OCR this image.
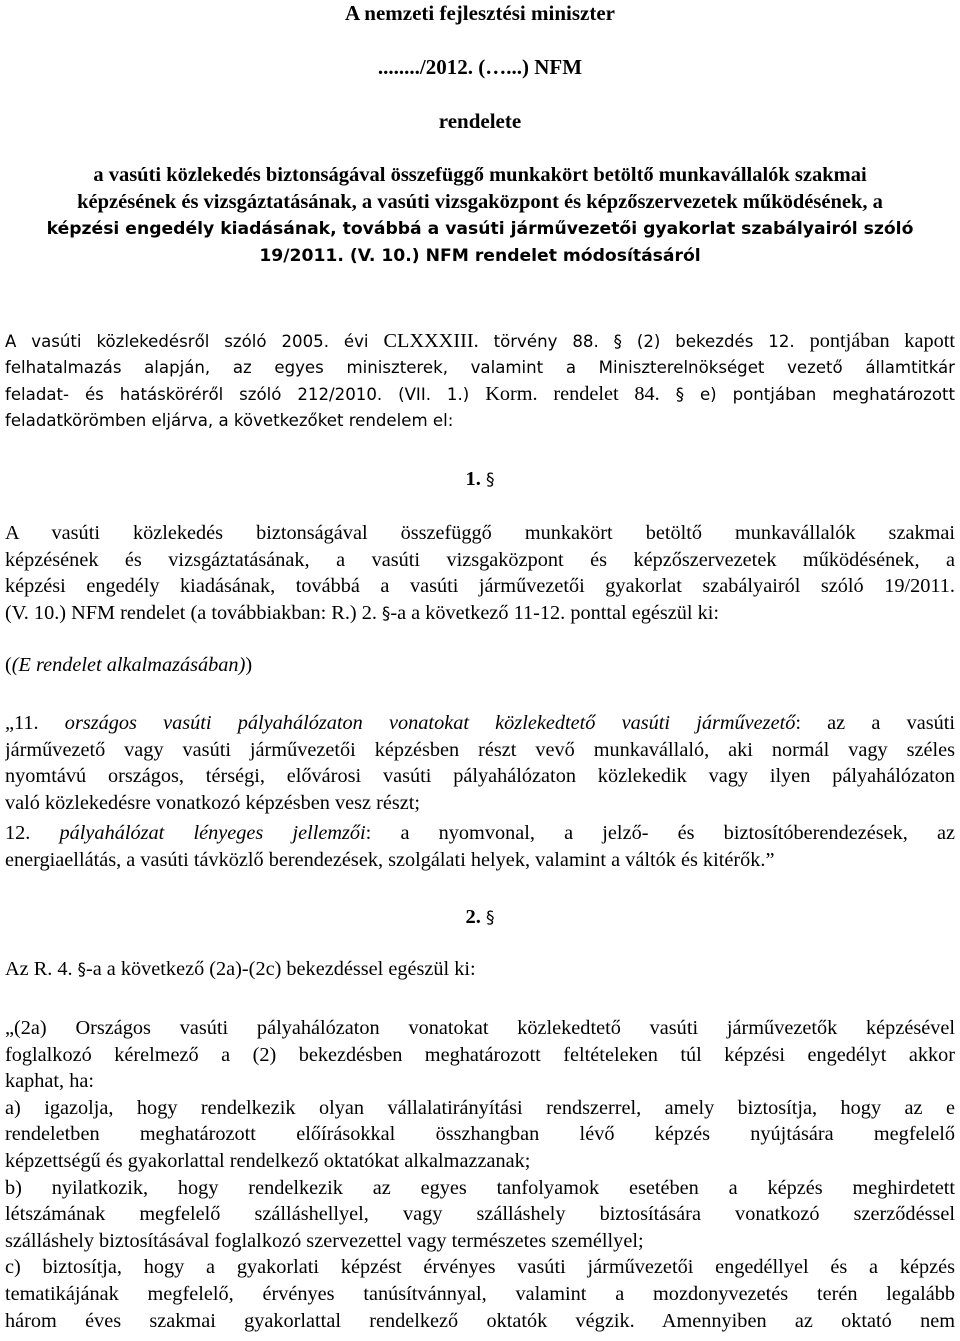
A nemzeti fejlesztési miniszter
......../2012. (…...) NFM
rendelete
a vasúti közlekedés biztonságával összefüggő munkakört betöltő munkavállalók szakmai
képzésének és vizsgáztatásának, a vasúti vizsgaközpont és képzőszervezetek működésének, a
képzési engedély kiadásának, továbbá a vasúti járművezetői gyakorlat szabályairól szóló
19/2011. (V. 10.) NFM rendelet módosításáról
A vasúti közlekedésről szóló 2005. évi CLXXXIII. törvény 88. § (2) bekezdés 12. pontjában kapott
felhatalmazás alapján, az egyes miniszterek, valamint a Miniszterelnökséget vezető államtitkár
feladat- és hatásköréről szóló 212/2010. (VII. 1.) Korm. rendelet 84. § e) pontjában meghatározott
feladatkörömben eljárva, a következőket rendelem el:
1. §
A vasúti közlekedés biztonságával összefüggő munkakört betöltő munkavállalók szakmai
képzésének és vizsgáztatásának, a vasúti vizsgaközpont és képzőszervezetek működésének, a
képzési engedély kiadásának, továbbá a vasúti járművezetői gyakorlat szabályairól szóló 19/2011.
(V. 10.) NFM rendelet (a továbbiakban: R.) 2. §-a a következő 11-12. ponttal egészül ki:
((E rendelet alkalmazásában))
„11. országos vasúti pályahálózaton vonatokat közlekedtető vasúti járművezető: az a vasúti
járművezető vagy vasúti járművezetői képzésben részt vevő munkavállaló, aki normál vagy széles
nyomtávú országos, térségi, elővárosi vasúti pályahálózaton közlekedik vagy ilyen pályahálózaton
való közlekedésre vonatkozó képzésben vesz részt;
12. pályahálózat lényeges jellemzői: a nyomvonal, a jelző- és biztosítóberendezések, az
energiaellátás, a vasúti távközlő berendezések, szolgálati helyek, valamint a váltók és kitérők.”
2. §
Az R. 4. §-a a következő (2a)-(2c) bekezdéssel egészül ki:
„(2a) Országos vasúti pályahálózaton vonatokat közlekedtető vasúti járművezetők képzésével
foglalkozó kérelmező a (2) bekezdésben meghatározott feltételeken túl képzési engedélyt akkor
kaphat, ha:
a) igazolja, hogy rendelkezik olyan vállalatirányítási rendszerrel, amely biztosítja, hogy az e
rendeletben meghatározott előírásokkal összhangban lévő képzés nyújtására megfelelő
képzettségű és gyakorlattal rendelkező oktatókat alkalmazzanak;
b) nyilatkozik, hogy rendelkezik az egyes tanfolyamok esetében a képzés meghirdetett
létszámának megfelelő szálláshellyel, vagy szálláshely biztosítására vonatkozó szerződéssel
szálláshely biztosításával foglalkozó szervezettel vagy természetes személlyel;
c) biztosítja, hogy a gyakorlati képzést érvényes vasúti járművezetői engedéllyel és a képzés
tematikájának megfelelő, érvényes tanúsítvánnyal, valamint a mozdonyvezetés terén legalább
három éves szakmai gyakorlattal rendelkező oktatók végzik. Amennyiben az oktató nem
